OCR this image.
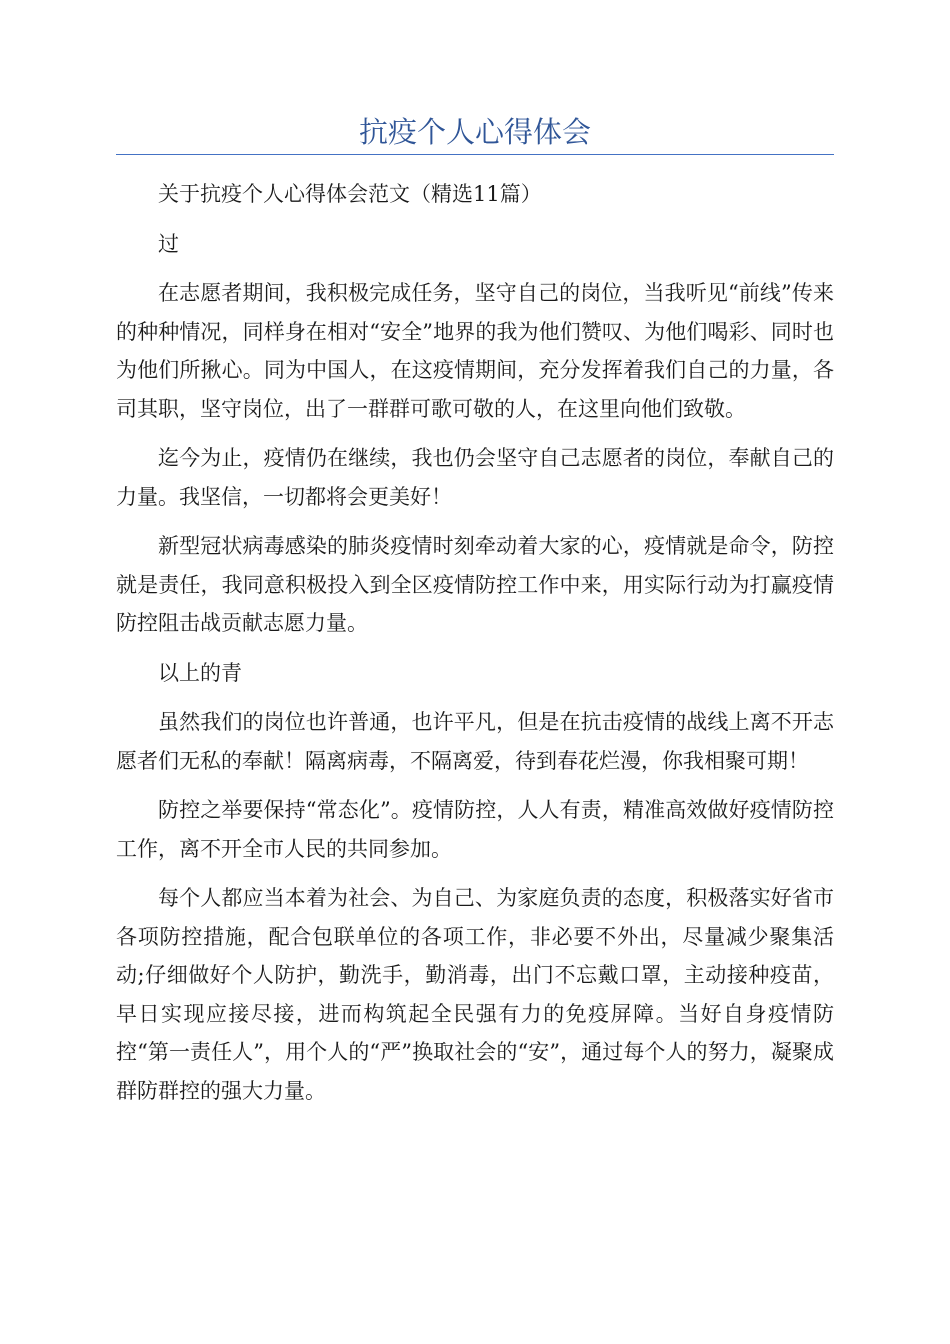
抗疫个人心得体会

关于抗疫个人心得体会范文（精选11篇）

过

在志愿者期间，我积极完成任务，坚守自己的岗位，当我听见“前线”传来的种种情况，同样身在相对“安全”地界的我为他们赞叹、为他们喝彩、同时也为他们所揪心。同为中国人，在这疫情期间，充分发挥着我们自己的力量，各司其职，坚守岗位，出了一群群可歌可敬的人，在这里向他们致敬。

迄今为止，疫情仍在继续，我也仍会坚守自己志愿者的岗位，奉献自己的力量。我坚信，一切都将会更美好！

新型冠状病毒感染的肺炎疫情时刻牵动着大家的心，疫情就是命令，防控就是责任，我同意积极投入到全区疫情防控工作中来，用实际行动为打赢疫情防控阻击战贡献志愿力量。

以上的青

虽然我们的岗位也许普通，也许平凡，但是在抗击疫情的战线上离不开志愿者们无私的奉献！隔离病毒，不隔离爱，待到春花烂漫，你我相聚可期！

防控之举要保持“常态化”。疫情防控，人人有责，精准高效做好疫情防控工作，离不开全市人民的共同参加。

每个人都应当本着为社会、为自己、为家庭负责的态度，积极落实好省市各项防控措施，配合包联单位的各项工作，非必要不外出，尽量减少聚集活动;仔细做好个人防护，勤洗手，勤消毒，出门不忘戴口罩，主动接种疫苗，早日实现应接尽接，进而构筑起全民强有力的免疫屏障。当好自身疫情防控“第一责任人”，用个人的“严”换取社会的“安”，通过每个人的努力，凝聚成群防群控的强大力量。
